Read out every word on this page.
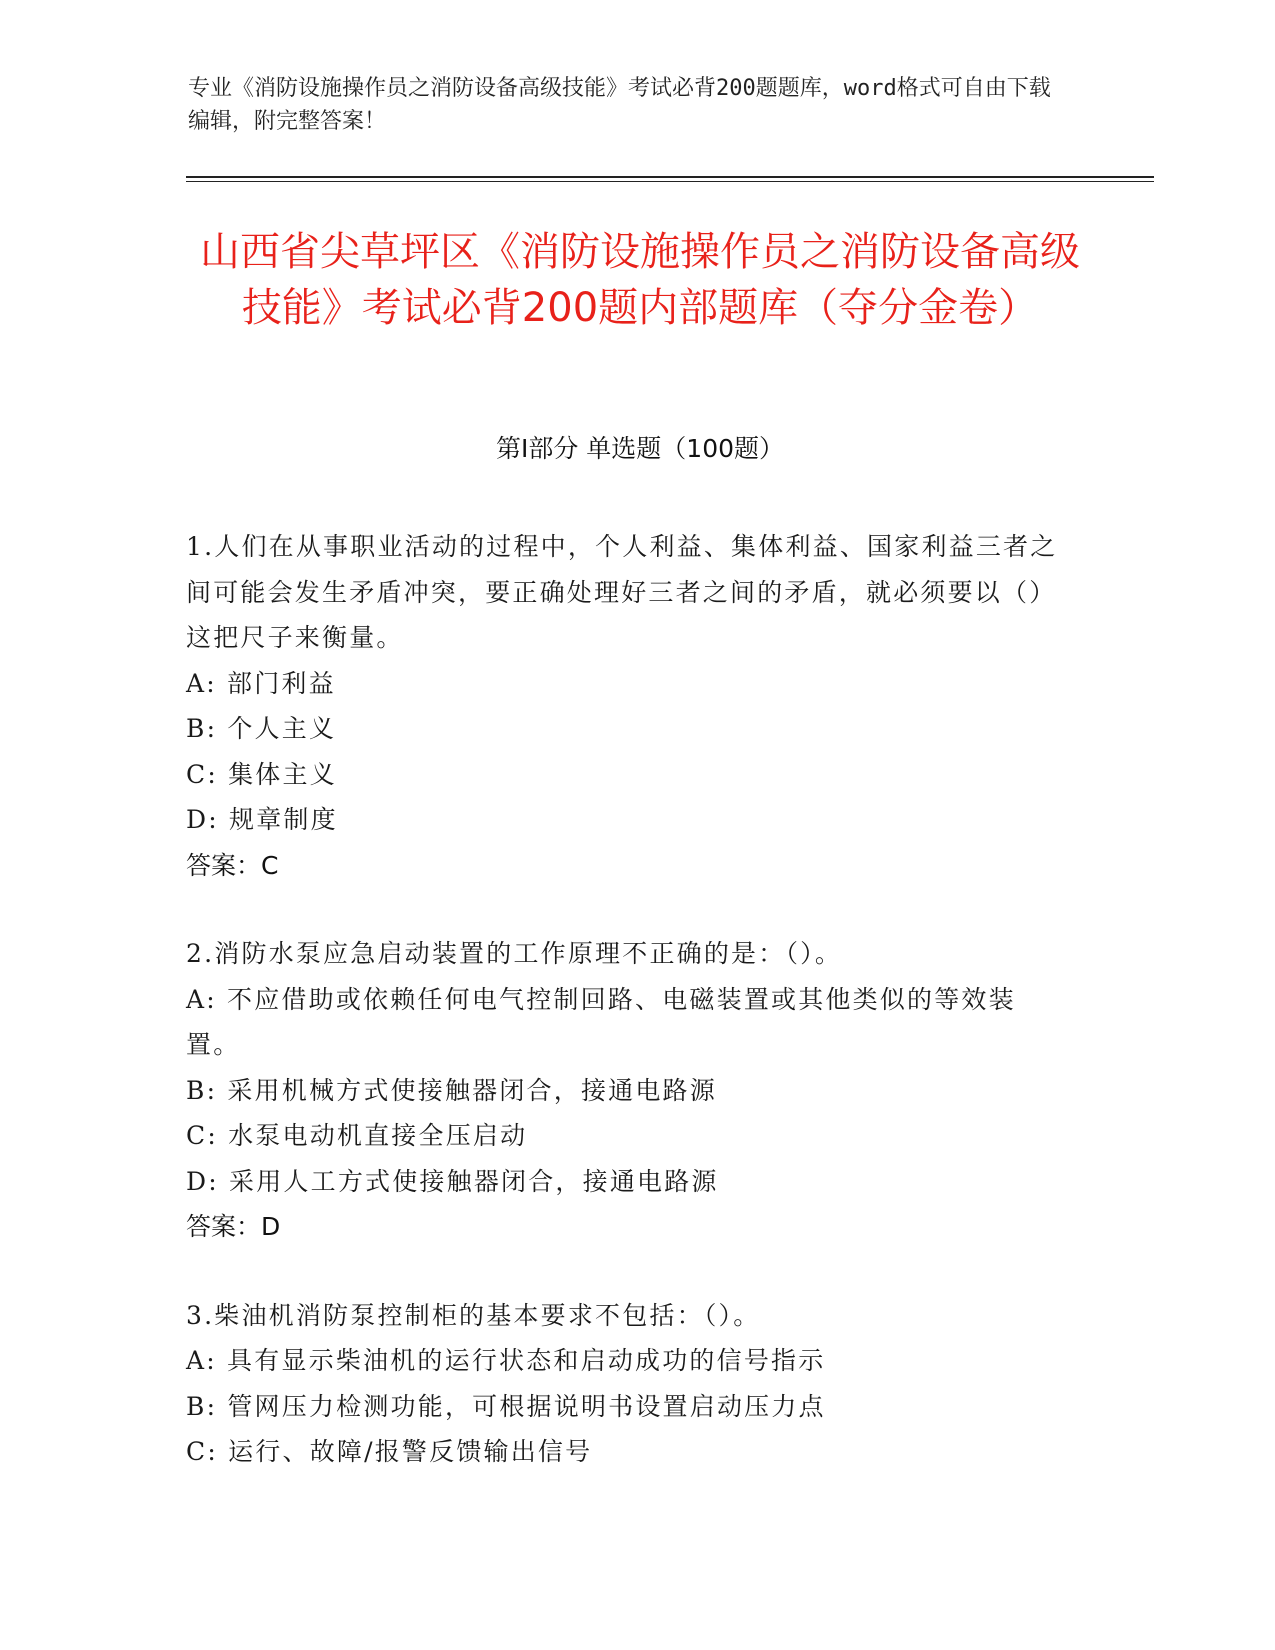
专业《消防设施操作员之消防设备高级技能》考试必背200题题库，word格式可自由下载编辑，附完整答案！
山西省尖草坪区《消防设施操作员之消防设备高级技能》考试必背200题内部题库（夺分金卷）
第Ⅰ部分 单选题（100题）
1.人们在从事职业活动的过程中，个人利益、集体利益、国家利益三者之间可能会发生矛盾冲突，要正确处理好三者之间的矛盾，就必须要以（）这把尺子来衡量。
A: 部门利益
B: 个人主义
C: 集体主义
D: 规章制度
答案：C
2.消防水泵应急启动装置的工作原理不正确的是：（）。
A: 不应借助或依赖任何电气控制回路、电磁装置或其他类似的等效装置。
B: 采用机械方式使接触器闭合，接通电路源
C: 水泵电动机直接全压启动
D: 采用人工方式使接触器闭合，接通电路源
答案：D
3.柴油机消防泵控制柜的基本要求不包括：（）。
A: 具有显示柴油机的运行状态和启动成功的信号指示
B: 管网压力检测功能，可根据说明书设置启动压力点
C: 运行、故障/报警反馈输出信号
